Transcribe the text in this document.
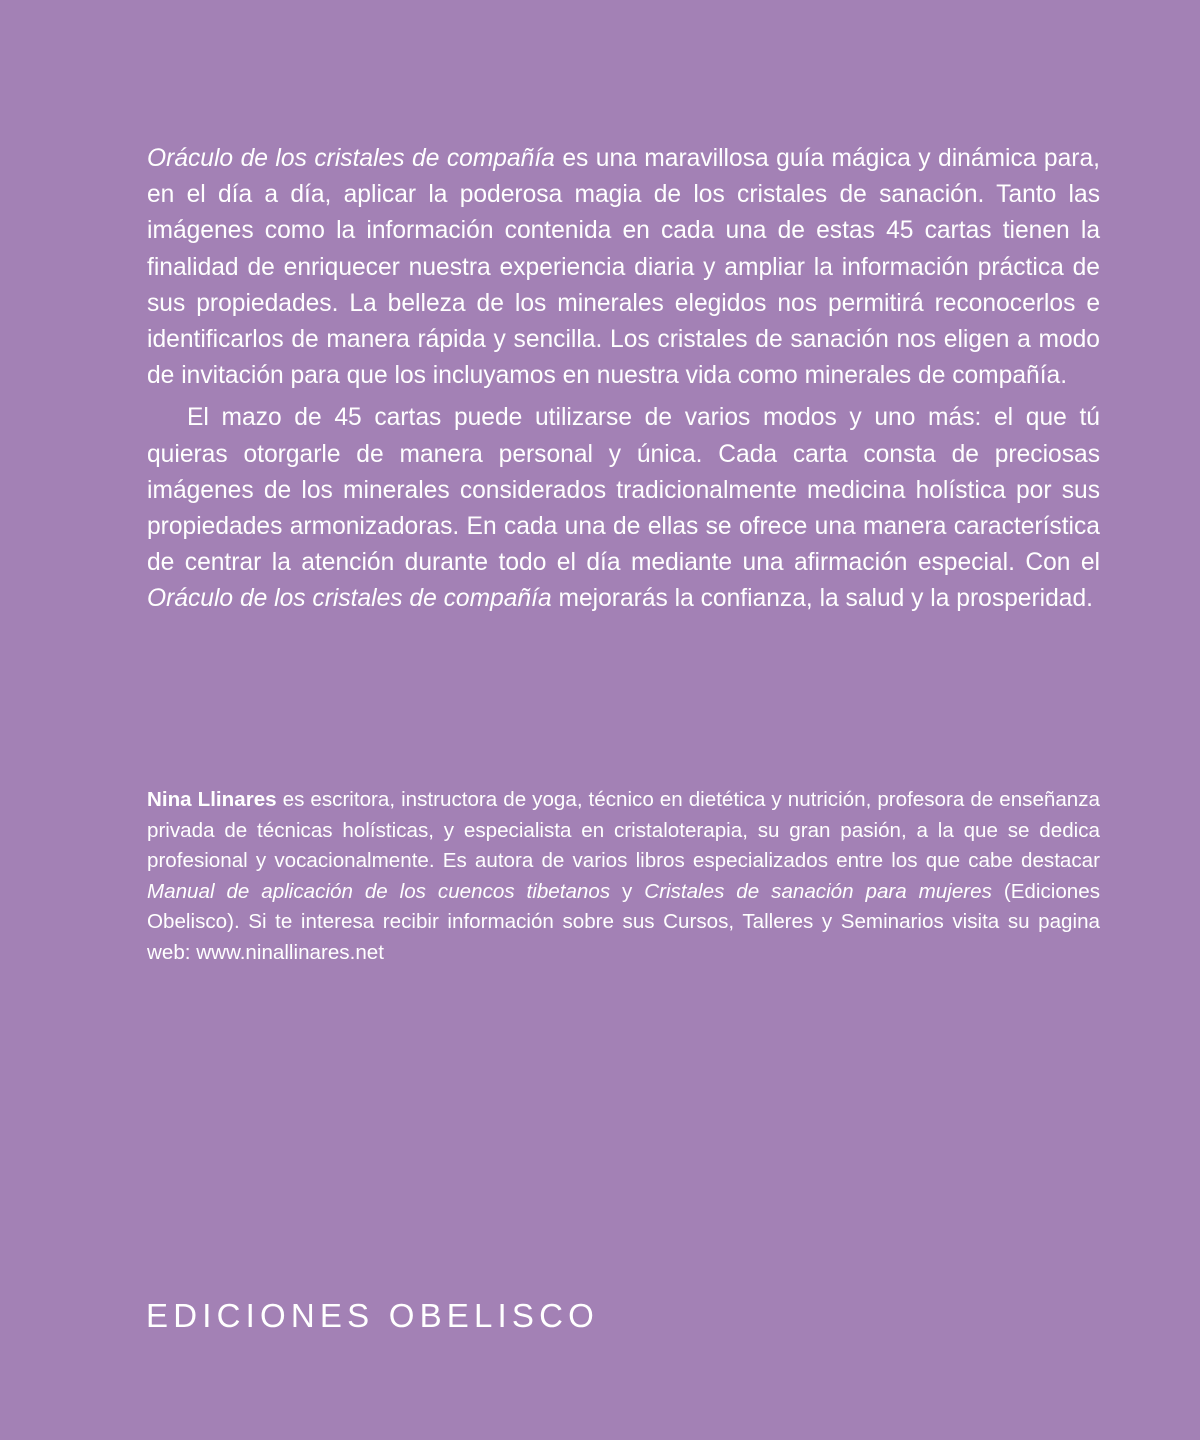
Oráculo de los cristales de compañía es una maravillosa guía mágica y dinámica para, en el día a día, aplicar la poderosa magia de los cristales de sanación. Tanto las imágenes como la información contenida en cada una de estas 45 cartas tienen la finalidad de enriquecer nuestra experiencia diaria y ampliar la información práctica de sus propiedades. La belleza de los minerales elegidos nos permitirá reconocerlos e identificarlos de manera rápida y sencilla. Los cristales de sanación nos eligen a modo de invitación para que los incluyamos en nuestra vida como minerales de compañía.

El mazo de 45 cartas puede utilizarse de varios modos y uno más: el que tú quieras otorgarle de manera personal y única. Cada carta consta de preciosas imágenes de los minerales considerados tradicionalmente medicina holística por sus propiedades armonizadoras. En cada una de ellas se ofrece una manera característica de centrar la atención durante todo el día mediante una afirmación especial. Con el Oráculo de los cristales de compañía mejorarás la confianza, la salud y la prosperidad.

Nina Llinares es escritora, instructora de yoga, técnico en dietética y nutrición, profesora de enseñanza privada de técnicas holísticas, y especialista en cristaloterapia, su gran pasión, a la que se dedica profesional y vocacionalmente. Es autora de varios libros especializados entre los que cabe destacar Manual de aplicación de los cuencos tibetanos y Cristales de sanación para mujeres (Ediciones Obelisco). Si te interesa recibir información sobre sus Cursos, Talleres y Seminarios visita su pagina web: www.ninallinares.net

EDICIONES OBELISCO
